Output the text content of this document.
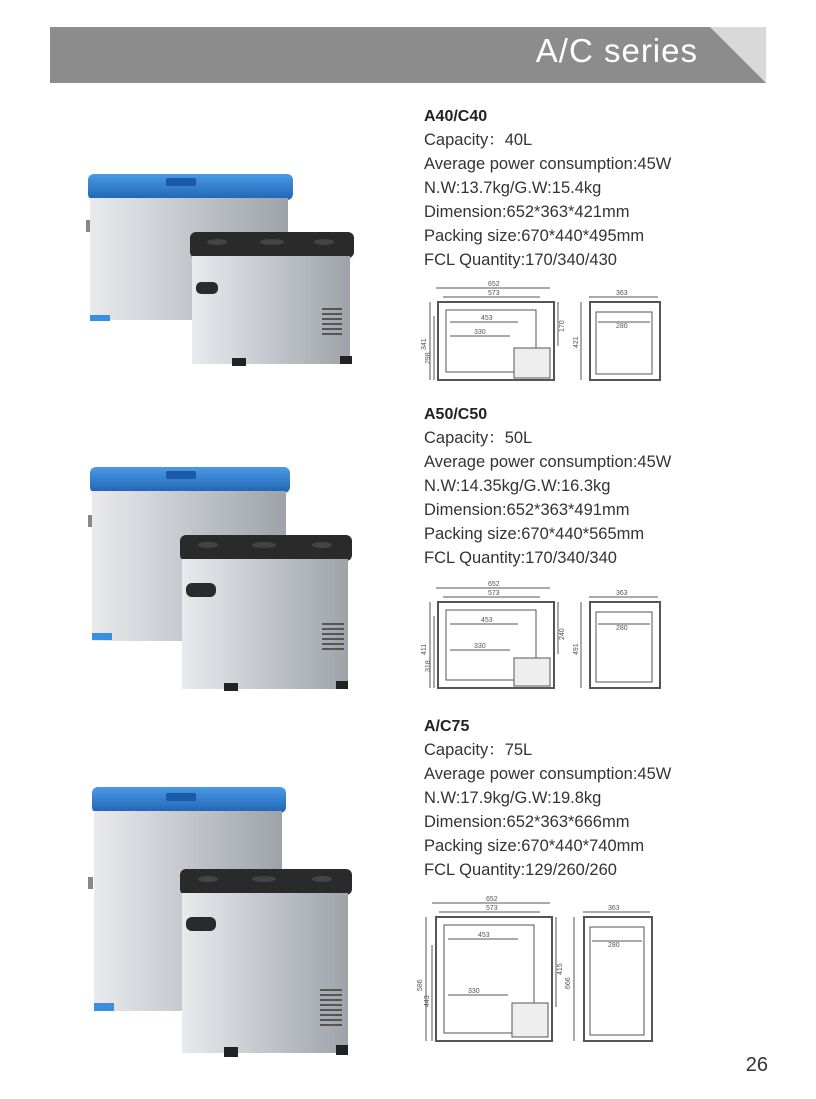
A/C series
A40/C40
Capacity：40L
Average power consumption:45W
N.W:13.7kg/G.W:15.4kg
Dimension:652*363*421mm
Packing size:670*440*495mm
FCL Quantity:170/340/430
652
573
453
330
363
280
341
298
170
421
A50/C50
Capacity：50L
Average power consumption:45W
N.W:14.35kg/G.W:16.3kg
Dimension:652*363*491mm
Packing size:670*440*565mm
FCL Quantity:170/340/340
652
573
453
330
363
280
411
318
240
491
A/C75
Capacity：75L
Average power consumption:45W
N.W:17.9kg/G.W:19.8kg
Dimension:652*363*666mm
Packing size:670*440*740mm
FCL Quantity:129/260/260
652
573
453
330
363
280
586
443
415
666
26
